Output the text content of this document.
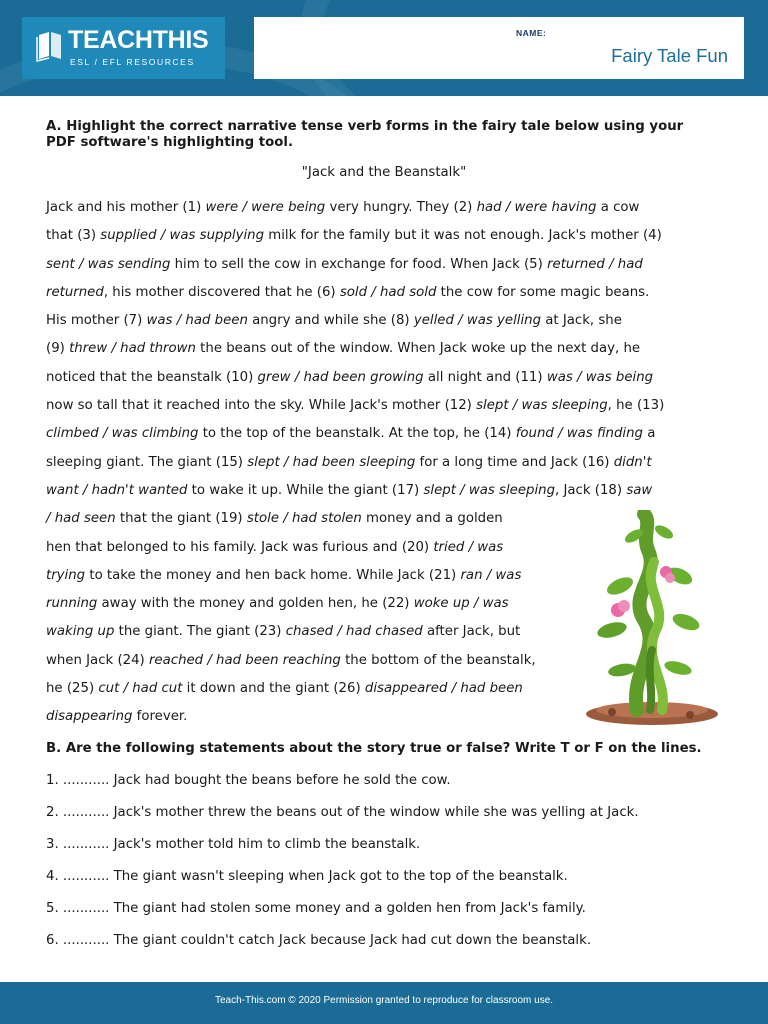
TEACHTHIS
ESL / EFL RESOURCES
NAME:
Fairy Tale Fun

A. Highlight the correct narrative tense verb forms in the fairy tale below using your
PDF software's highlighting tool.

"Jack and the Beanstalk"
Jack and his mother (1) were / were being very hungry. They (2) had / were having a cow
that (3) supplied / was supplying milk for the family but it was not enough. Jack's mother (4)
sent / was sending him to sell the cow in exchange for food. When Jack (5) returned / had
returned, his mother discovered that he (6) sold / had sold the cow for some magic beans.
His mother (7) was / had been angry and while she (8) yelled / was yelling at Jack, she
(9) threw / had thrown the beans out of the window. When Jack woke up the next day, he
noticed that the beanstalk (10) grew / had been growing all night and (11) was / was being
now so tall that it reached into the sky. While Jack's mother (12) slept / was sleeping, he (13)
climbed / was climbing to the top of the beanstalk. At the top, he (14) found / was finding a
sleeping giant. The giant (15) slept / had been sleeping for a long time and Jack (16) didn't
want / hadn't wanted to wake it up. While the giant (17) slept / was sleeping, Jack (18) saw
/ had seen that the giant (19) stole / had stolen money and a golden
hen that belonged to his family. Jack was furious and (20) tried / was
trying to take the money and hen back home. While Jack (21) ran / was
running away with the money and golden hen, he (22) woke up / was
waking up the giant. The giant (23) chased / had chased after Jack, but
when Jack (24) reached / had been reaching the bottom of the beanstalk,
he (25) cut / had cut it down and the giant (26) disappeared / had been
disappearing forever.
B. Are the following statements about the story true or false? Write T or F on the lines.
1. ........... Jack had bought the beans before he sold the cow.
2. ........... Jack's mother threw the beans out of the window while she was yelling at Jack.
3. ........... Jack's mother told him to climb the beanstalk.
4. ........... The giant wasn't sleeping when Jack got to the top of the beanstalk.
5. ........... The giant had stolen some money and a golden hen from Jack's family.
6. ........... The giant couldn't catch Jack because Jack had cut down the beanstalk.
Teach-This.com © 2020 Permission granted to reproduce for classroom use.
